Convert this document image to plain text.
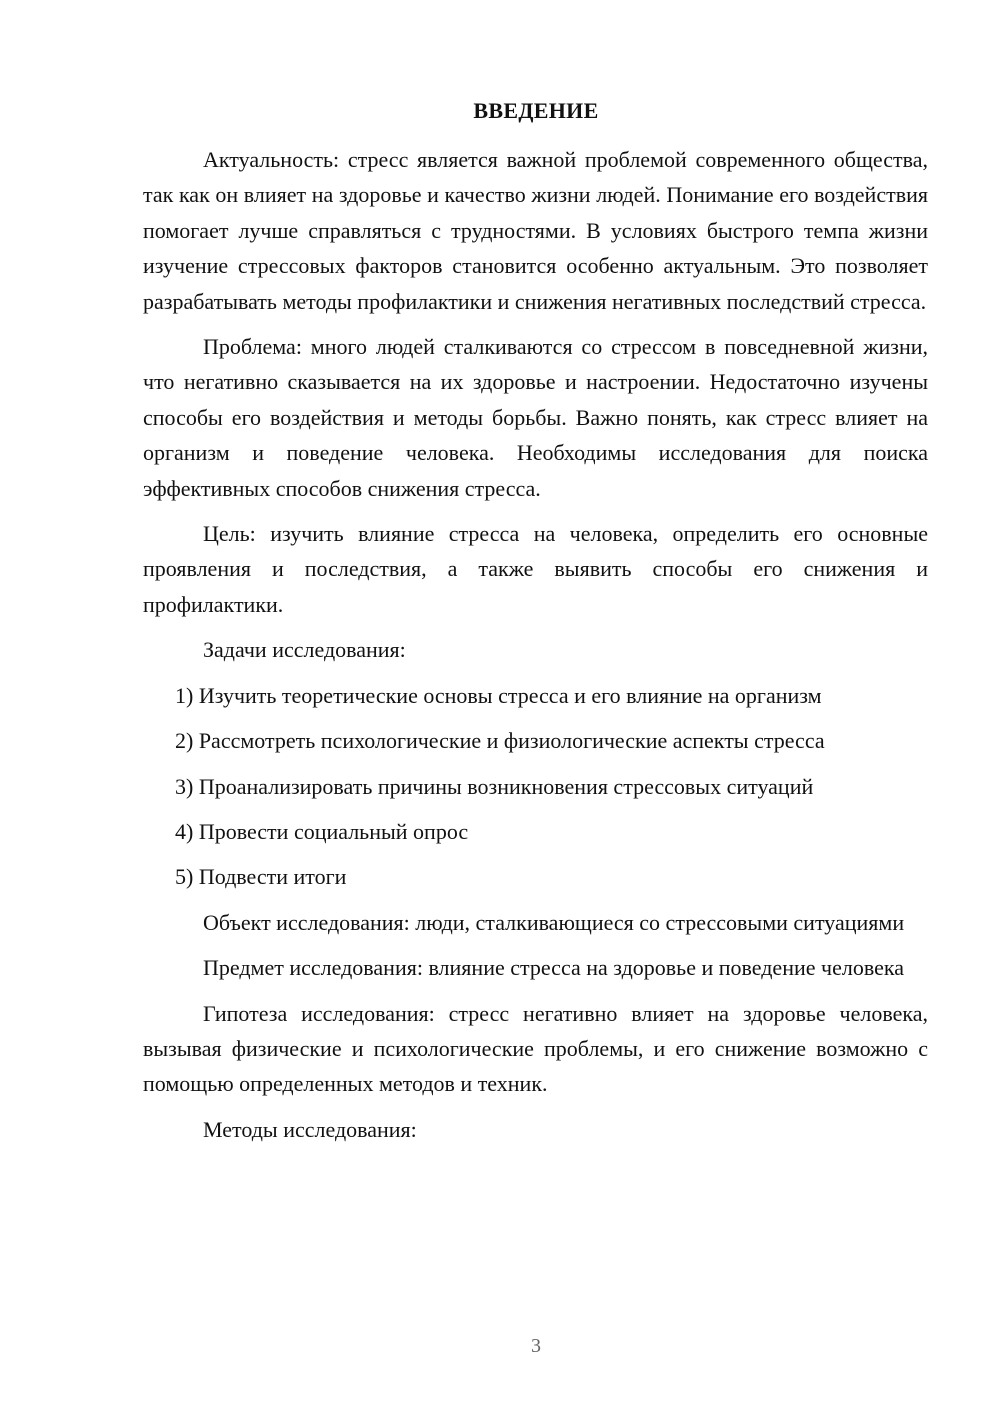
ВВЕДЕНИЕ

Актуальность: стресс является важной проблемой современного общества, так как он влияет на здоровье и качество жизни людей. Понимание его воздействия помогает лучше справляться с трудностями. В условиях быстрого темпа жизни изучение стрессовых факторов становится особенно актуальным. Это позволяет разрабатывать методы профилактики и снижения негативных последствий стресса.

Проблема: много людей сталкиваются со стрессом в повседневной жизни, что негативно сказывается на их здоровье и настроении. Недостаточно изучены способы его воздействия и методы борьбы. Важно понять, как стресс влияет на организм и поведение человека. Необходимы исследования для поиска эффективных способов снижения стресса.

Цель: изучить влияние стресса на человека, определить его основные проявления и последствия, а также выявить способы его снижения и профилактики.

Задачи исследования:

1) Изучить теоретические основы стресса и его влияние на организм

2) Рассмотреть психологические и физиологические аспекты стресса

3) Проанализировать причины возникновения стрессовых ситуаций

4) Провести социальный опрос

5) Подвести итоги

Объект исследования: люди, сталкивающиеся со стрессовыми ситуациями

Предмет исследования: влияние стресса на здоровье и поведение человека

Гипотеза исследования: стресс негативно влияет на здоровье человека, вызывая физические и психологические проблемы, и его снижение возможно с помощью определенных методов и техник.

Методы исследования:

3
